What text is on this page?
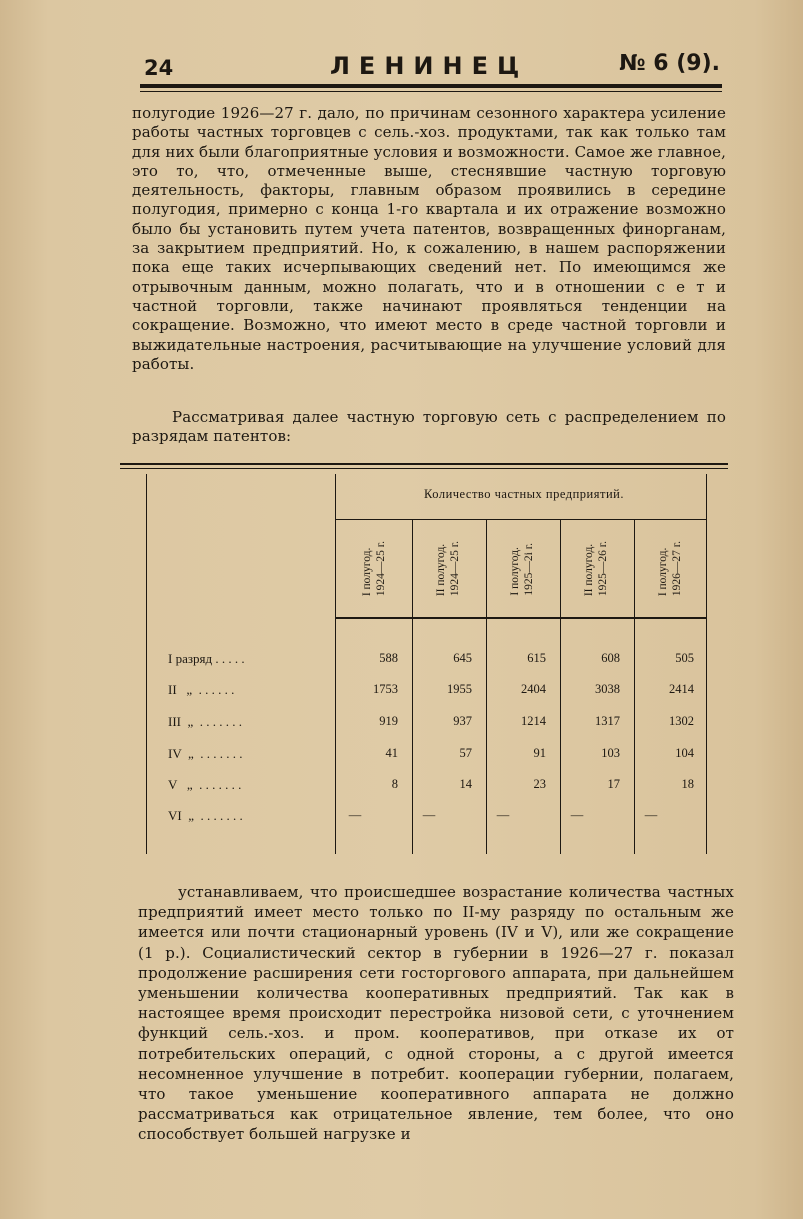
24	ЛЕНИНЕЦ	№ 6 (9).
полугодие 1926—27 г. дало, по причинам сезонного характера усиление работы частных торговцев с сель.-хоз. продуктами, так как только там для них были благоприятные условия и возможности. Самое же главное, это то, что, отмеченные выше, стеснявшие частную торговую деятельность, факторы, главным образом проявились в середине полугодия, примерно с конца 1-го квартала и их отражение возможно было бы установить путем учета патентов, возвращенных финорганам, за закрытием предприятий. Но, к сожалению, в нашем распоряжении пока еще таких исчерпывающих сведений нет. По имеющимся же отрывочным данным, можно полагать, что и в отношении с е т и частной торговли, также начинают проявляться тенденции на сокращение. Возможно, что имеют место в среде частной торговли и выжидательные настроения, расчитывающие на улучшение условий для работы.
Рассматривая далее частную торговую сеть с распределением по разрядам патентов:
Количество частных предприятий.
I полугод.
1924—25 г.
II полугод.
1924—25 г.
I полугод.
1925—2і г.
II полугод.
1925—26 г.
I полугод.
1926—27 г.
I разряд . . . . .	588	645	615	608	505
II   „  . . . . . .	1753	1955	2404	3038	2414
III  „  . . . . . . .	919	937	1214	1317	1302
IV  „  . . . . . . .	41	57	91	103	104
V   „  . . . . . . .	8	14	23	17	18
VI  „  . . . . . . .	—	—	—	—	—
устанавливаем, что происшедшее возрастание количества частных предприятий имеет место только по II-му разряду по остальным же имеется или почти стационарный уровень (IV и V), или же сокращение (1 р.). Социалистический сектор в губернии в 1926—27 г. показал продолжение расширения сети госторгового аппарата, при дальнейшем уменьшении количества кооперативных предприятий. Так как в настоящее время происходит перестройка низовой сети, с уточнением функций сель.-хоз. и пром. кооперативов, при отказе их от потребительских операций, с одной стороны, а с другой имеется несомненное улучшение в потребит. кооперации губернии, полагаем, что такое уменьшение кооперативного аппарата не должно рассматриваться как отрицательное явление, тем более, что оно способствует большей нагрузке и
